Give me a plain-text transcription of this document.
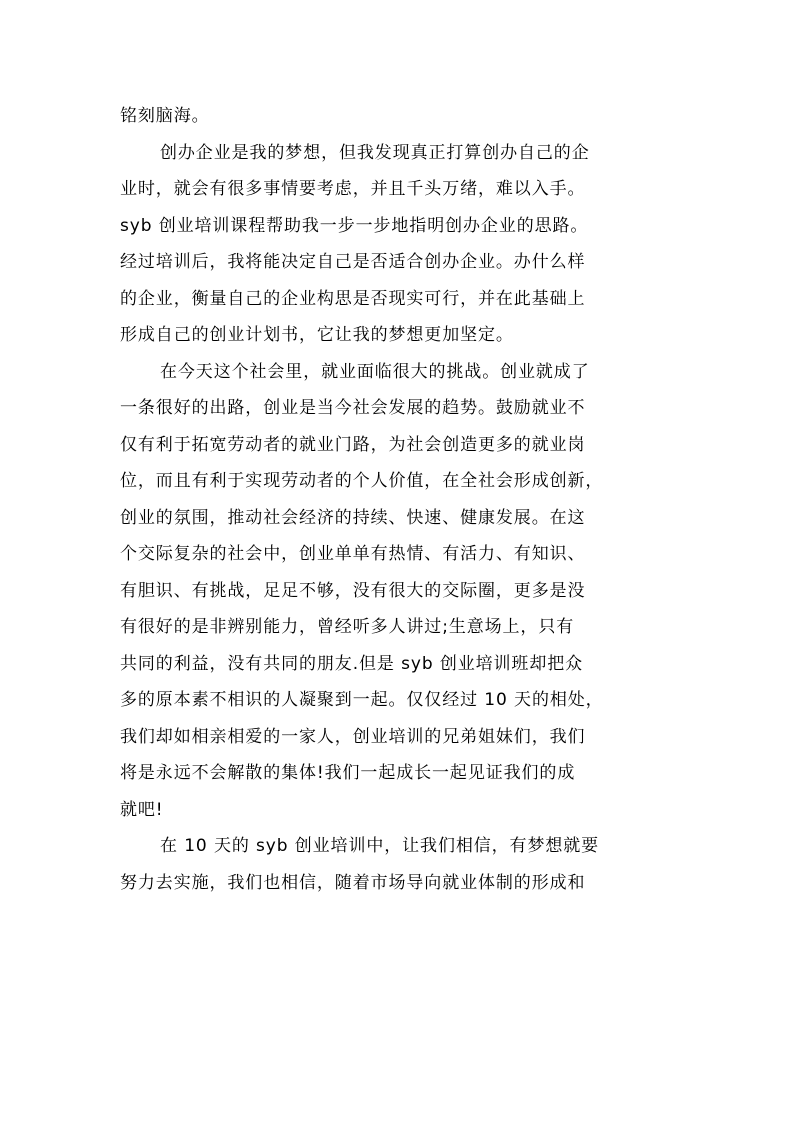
铭刻脑海。
创办企业是我的梦想，但我发现真正打算创办自己的企
业时，就会有很多事情要考虑，并且千头万绪，难以入手。
syb 创业培训课程帮助我一步一步地指明创办企业的思路。
经过培训后，我将能决定自己是否适合创办企业。办什么样
的企业，衡量自己的企业构思是否现实可行，并在此基础上
形成自己的创业计划书，它让我的梦想更加坚定。
在今天这个社会里，就业面临很大的挑战。创业就成了
一条很好的出路，创业是当今社会发展的趋势。鼓励就业不
仅有利于拓宽劳动者的就业门路，为社会创造更多的就业岗
位，而且有利于实现劳动者的个人价值，在全社会形成创新，
创业的氛围，推动社会经济的持续、快速、健康发展。在这
个交际复杂的社会中，创业单单有热情、有活力、有知识、
有胆识、有挑战，足足不够，没有很大的交际圈，更多是没
有很好的是非辨别能力，曾经听多人讲过;生意场上，只有
共同的利益，没有共同的朋友.但是 syb 创业培训班却把众
多的原本素不相识的人凝聚到一起。仅仅经过 10 天的相处，
我们却如相亲相爱的一家人，创业培训的兄弟姐妹们，我们
将是永远不会解散的集体!我们一起成长一起见证我们的成
就吧!
在 10 天的 syb 创业培训中，让我们相信，有梦想就要
努力去实施，我们也相信，随着市场导向就业体制的形成和
